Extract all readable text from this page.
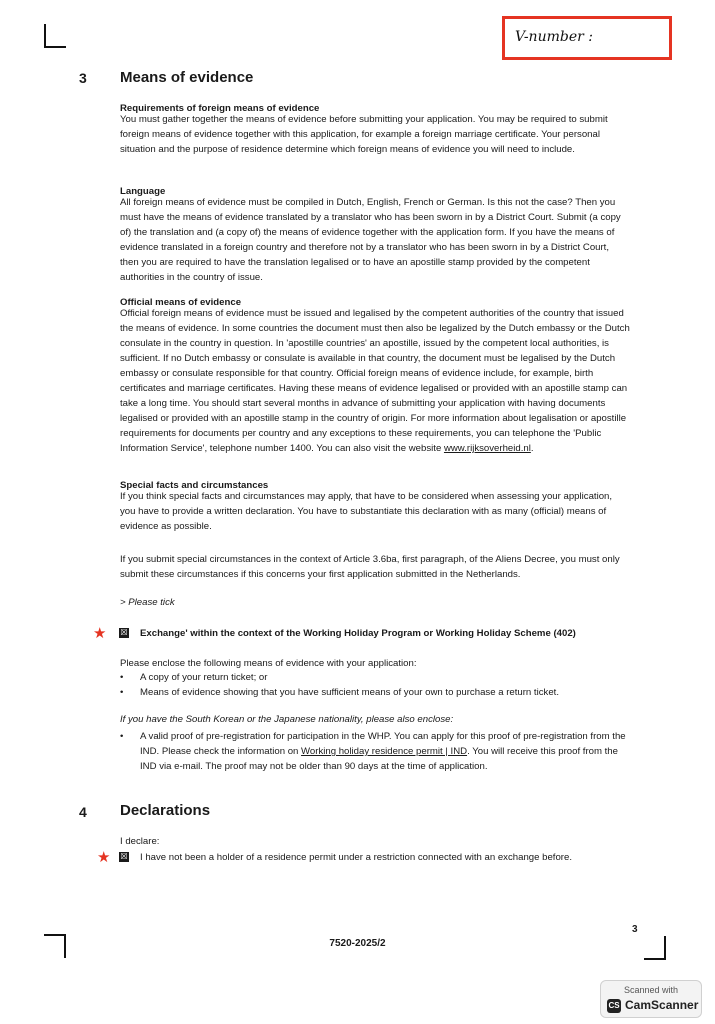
V-number :
3 Means of evidence
Requirements of foreign means of evidence
You must gather together the means of evidence before submitting your application. You may be required to submit foreign means of evidence together with this application, for example a foreign marriage certificate. Your personal situation and the purpose of residence determine which foreign means of evidence you will need to include.
Language
All foreign means of evidence must be compiled in Dutch, English, French or German. Is this not the case? Then you must have the means of evidence translated by a translator who has been sworn in by a District Court. Submit (a copy of) the translation and (a copy of) the means of evidence together with the application form. If you have the means of evidence translated in a foreign country and therefore not by a translator who has been sworn in by a District Court, then you are required to have the translation legalised or to have an apostille stamp provided by the competent authorities in the country of issue.
Official means of evidence
Official foreign means of evidence must be issued and legalised by the competent authorities of the country that issued the means of evidence. In some countries the document must then also be legalized by the Dutch embassy or the Dutch consulate in the country in question. In 'apostille countries' an apostille, issued by the competent local authorities, is sufficient. If no Dutch embassy or consulate is available in that country, the document must be legalised by the Dutch embassy or consulate responsible for that country. Official foreign means of evidence include, for example, birth certificates and marriage certificates. Having these means of evidence legalised or provided with an apostille stamp can take a long time. You should start several months in advance of submitting your application with having documents legalised or provided with an apostille stamp in the country of origin. For more information about legalisation or apostille requirements for documents per country and any exceptions to these requirements, you can telephone the 'Public Information Service', telephone number 1400. You can also visit the website www.rijksoverheid.nl.
Special facts and circumstances
If you think special facts and circumstances may apply, that have to be considered when assessing your application, you have to provide a written declaration. You have to substantiate this declaration with as many (official) means of evidence as possible.
If you submit special circumstances in the context of Article 3.6ba, first paragraph, of the Aliens Decree, you must only submit these circumstances if this concerns your first application submitted in the Netherlands.
> Please tick
★ ☒ Exchange' within the context of the Working Holiday Program or Working Holiday Scheme (402)
Please enclose the following means of evidence with your application:
• A copy of your return ticket; or
• Means of evidence showing that you have sufficient means of your own to purchase a return ticket.
If you have the South Korean or the Japanese nationality, please also enclose:
• A valid proof of pre-registration for participation in the WHP. You can apply for this proof of pre-registration from the IND. Please check the information on Working holiday residence permit | IND. You will receive this proof from the IND via e-mail. The proof may not be older than 90 days at the time of application.
4 Declarations
I declare:
★ ☒ I have not been a holder of a residence permit under a restriction connected with an exchange before.
3
7520-2025/2
Scanned with
CS CamScanner
